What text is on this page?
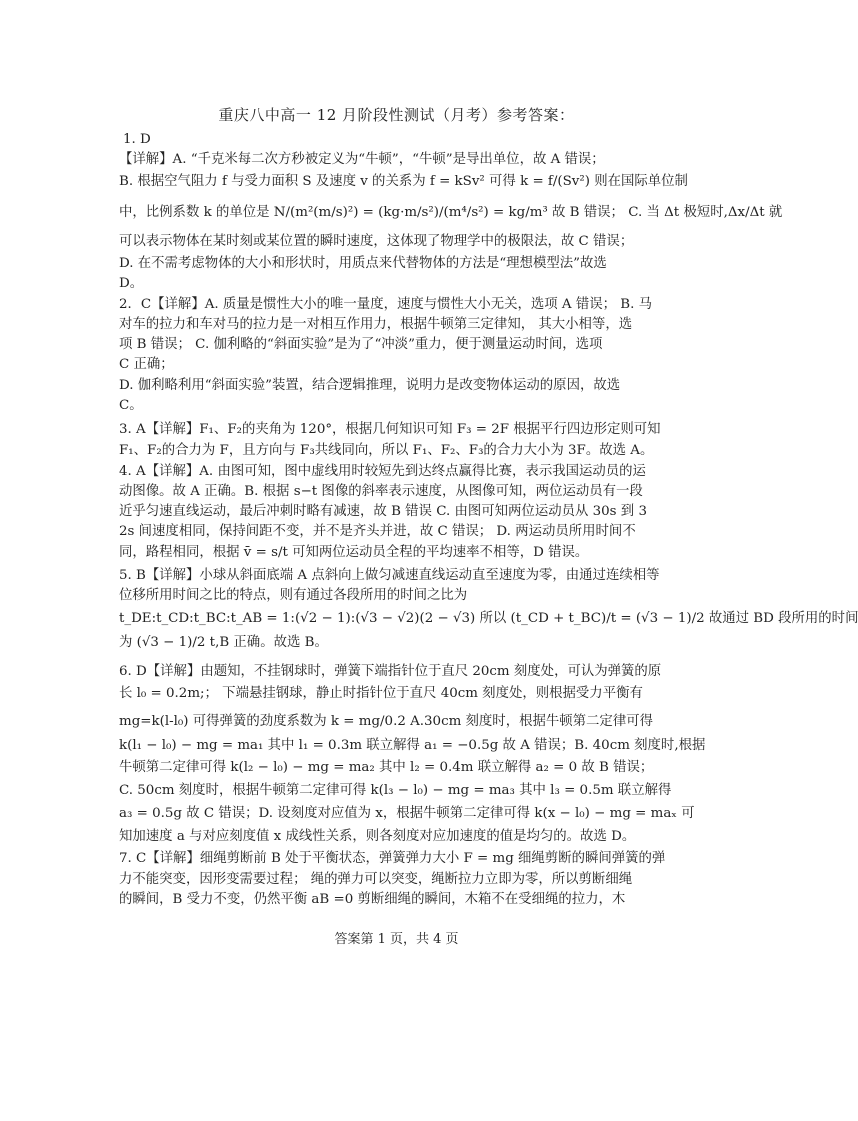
重庆八中高一 12 月阶段性测试（月考）参考答案：
1. D
【详解】A. “千克米每二次方秒被定义为“牛顿”，“牛顿”是导出单位，故 A 错误；
B. 根据空气阻力 f 与受力面积 S 及速度 v 的关系为 f = kSv² 可得 k = f/(Sv²) 则在国际单位制
中，比例系数 k 的单位是 N/(m²(m/s)²) = (kg·m/s²)/(m⁴/s²) = kg/m³ 故 B 错误； C. 当 Δt 极短时,Δx/Δt 就
可以表示物体在某时刻或某位置的瞬时速度，这体现了物理学中的极限法，故 C 错误；
D. 在不需考虑物体的大小和形状时，用质点来代替物体的方法是“理想模型法”故选
D。
2．C【详解】A. 质量是惯性大小的唯一量度，速度与惯性大小无关，选项 A 错误； B. 马
对车的拉力和车对马的拉力是一对相互作用力，根据牛顿第三定律知， 其大小相等，选
项 B 错误； C. 伽利略的“斜面实验”是为了“冲淡”重力，便于测量运动时间，选项
C 正确；
D. 伽利略利用“斜面实验”装置，结合逻辑推理，说明力是改变物体运动的原因，故选
C。
3. A【详解】F₁、F₂的夹角为 120°，根据几何知识可知 F₃ = 2F 根据平行四边形定则可知
F₁、F₂的合力为 F，且方向与 F₃共线同向，所以 F₁、F₂、F₃的合力大小为 3F。故选 A。
4. A【详解】A. 由图可知，图中虚线用时较短先到达终点赢得比赛，表示我国运动员的运
动图像。故 A 正确。B. 根据 s−t 图像的斜率表示速度，从图像可知，两位运动员有一段
近乎匀速直线运动，最后冲刺时略有减速，故 B 错误 C. 由图可知两位运动员从 30s 到 3
2s 间速度相同，保持间距不变，并不是齐头并进，故 C 错误； D. 两运动员所用时间不
同，路程相同，根据 v̄ = s/t 可知两位运动员全程的平均速率不相等，D 错误。
5. B【详解】小球从斜面底端 A 点斜向上做匀减速直线运动直至速度为零，由通过连续相等
位移所用时间之比的特点，则有通过各段所用的时间之比为
t_DE:t_CD:t_BC:t_AB = 1:(√2 − 1):(√3 − √2)(2 − √3) 所以 (t_CD + t_BC)/t = (√3 − 1)/2 故通过 BD 段所用的时间
为 (√3 − 1)/2 t,B 正确。故选 B。
6. D【详解】由题知，不挂钢球时，弹簧下端指针位于直尺 20cm 刻度处，可认为弹簧的原
长 l₀ = 0.2m;； 下端悬挂钢球，静止时指针位于直尺 40cm 刻度处，则根据受力平衡有
mg=k(l-l₀) 可得弹簧的劲度系数为 k = mg/0.2 A.30cm 刻度时，根据牛顿第二定律可得
k(l₁ − l₀) − mg = ma₁ 其中 l₁ = 0.3m 联立解得 a₁ = −0.5g 故 A 错误；B. 40cm 刻度时,根据
牛顿第二定律可得 k(l₂ − l₀) − mg = ma₂ 其中 l₂ = 0.4m 联立解得 a₂ = 0 故 B 错误；
C. 50cm 刻度时，根据牛顿第二定律可得 k(l₃ − l₀) − mg = ma₃ 其中 l₃ = 0.5m 联立解得
a₃ = 0.5g 故 C 错误；D. 设刻度对应值为 x，根据牛顿第二定律可得 k(x − l₀) − mg = maₓ 可
知加速度 a 与对应刻度值 x 成线性关系，则各刻度对应加速度的值是均匀的。故选 D。
7. C【详解】细绳剪断前 B 处于平衡状态，弹簧弹力大小 F = mg 细绳剪断的瞬间弹簧的弹
力不能突变，因形变需要过程； 绳的弹力可以突变，绳断拉力立即为零，所以剪断细绳
的瞬间，B 受力不变，仍然平衡 aB =0 剪断细绳的瞬间，木箱不在受细绳的拉力，木
答案第 1 页，共 4 页
